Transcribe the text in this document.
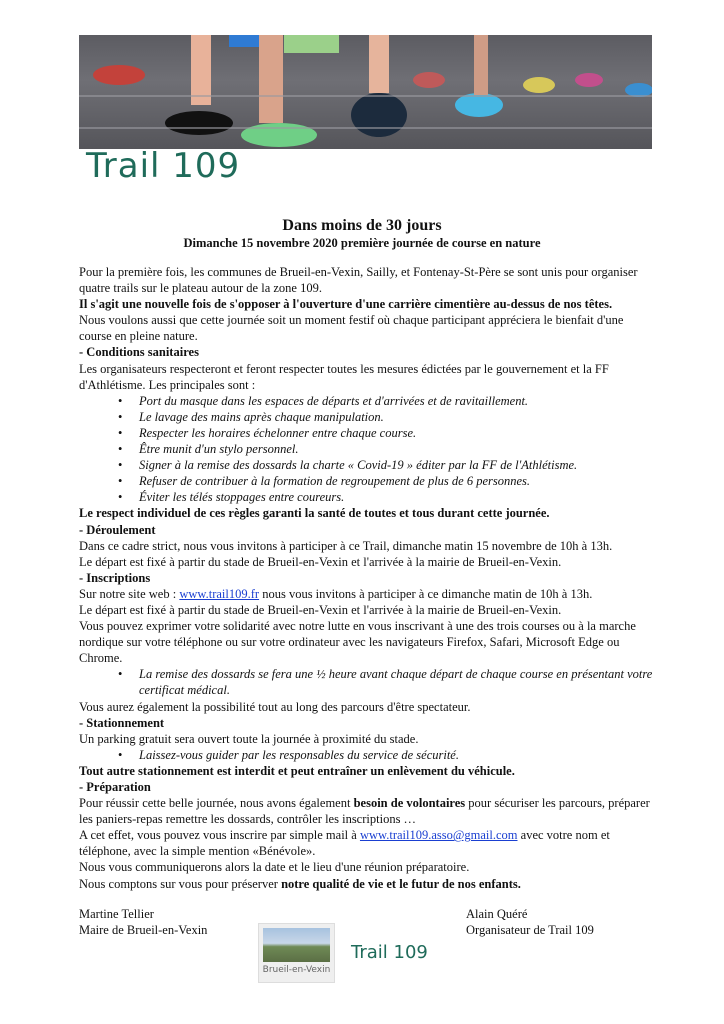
Trail 109
Dans moins de 30 jours
Dimanche 15 novembre 2020 première journée de course en nature

Pour la première fois, les communes de Brueil-en-Vexin, Sailly, et Fontenay-St-Père se sont unis pour organiser quatre trails sur le plateau autour de la zone 109.

Il s'agit une nouvelle fois de s'opposer à l'ouverture d'une carrière cimentière au-dessus de nos têtes.

Nous voulons aussi que cette journée soit un moment festif où chaque participant appréciera le bienfait d'une course en pleine nature.

- Conditions sanitaires

Les organisateurs respecteront et feront respecter toutes les mesures édictées par le gouvernement et la FF d'Athlétisme. Les principales sont :

• Port du masque dans les espaces de départs et d'arrivées et de ravitaillement.
• Le lavage des mains après chaque manipulation.
• Respecter les horaires échelonner entre chaque course.
• Être munit d'un stylo personnel.
• Signer à la remise des dossards la charte « Covid-19 » éditer par la FF de l'Athlétisme.
• Refuser de contribuer à la formation de regroupement de plus de 6 personnes.
• Éviter les télés stoppages entre coureurs.

Le respect individuel de ces règles garanti la santé de toutes et tous durant cette journée.

- Déroulement

Dans ce cadre strict, nous vous invitons à participer à ce Trail, dimanche matin 15 novembre de 10h à 13h.

Le départ est fixé à partir du stade de Brueil-en-Vexin et l'arrivée à la mairie de Brueil-en-Vexin.

- Inscriptions

Sur notre site web : www.trail109.fr nous vous invitons à participer à ce dimanche matin de 10h à 13h.

Le départ est fixé à partir du stade de Brueil-en-Vexin et l'arrivée à la mairie de Brueil-en-Vexin.

Vous pouvez exprimer votre solidarité avec notre lutte en vous inscrivant à une des trois courses ou à la marche nordique sur votre téléphone ou sur votre ordinateur avec les navigateurs Firefox, Safari, Microsoft Edge ou Chrome.

• La remise des dossards se fera une ½ heure avant chaque départ de chaque course en présentant votre certificat médical.

Vous aurez également la possibilité tout au long des parcours d'être spectateur.

- Stationnement

Un parking gratuit sera ouvert toute la journée à proximité du stade.

• Laissez-vous guider par les responsables du service de sécurité.

Tout autre stationnement est interdit et peut entraîner un enlèvement du véhicule.

- Préparation

Pour réussir cette belle journée, nous avons également besoin de volontaires pour sécuriser les parcours, préparer les paniers-repas remettre les dossards, contrôler les inscriptions …

A cet effet, vous pouvez vous inscrire par simple mail à www.trail109.asso@gmail.com avec votre nom et téléphone, avec la simple mention «Bénévole».

Nous vous communiquerons alors la date et le lieu d'une réunion préparatoire.

Nous comptons sur vous pour préserver notre qualité de vie et le futur de nos enfants.

Martine Tellier
Maire de Brueil-en-Vexin
Alain Quéré
Organisateur de Trail 109
Brueil-en-Vexin
Trail 109
